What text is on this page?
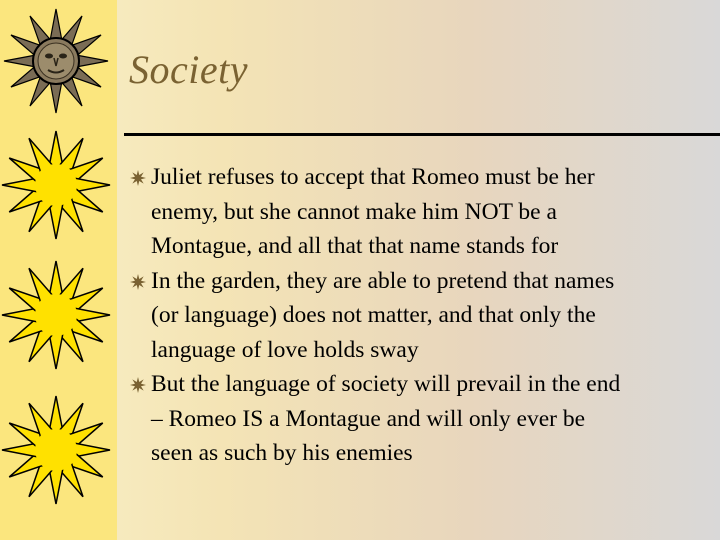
Society
Juliet refuses to accept that Romeo must be her
enemy, but she cannot make him NOT be a
Montague, and all that that name stands for
In the garden, they are able to pretend that names
(or language) does not matter, and that only the
language of love holds sway
But the language of society will prevail in the end
– Romeo IS a Montague and will only ever be
seen as such by his enemies
